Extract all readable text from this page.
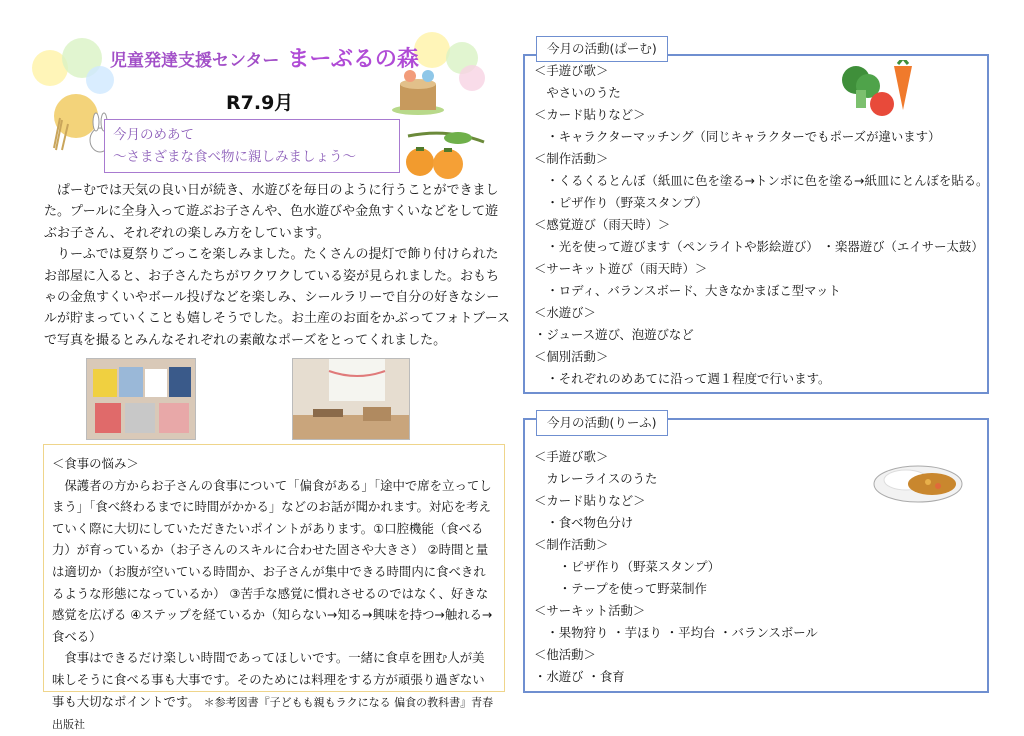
児童発達支援センター まーぶるの森
R7.9月
今月のめあて
～さまざまな食べ物に親しみましょう～

ぱーむでは天気の良い日が続き、水遊びを毎日のように行うことができました。プールに全身入って遊ぶお子さんや、色水遊びや金魚すくいなどをして遊ぶお子さん、それぞれの楽しみ方をしています。

りーふでは夏祭りごっこを楽しみました。たくさんの提灯で飾り付けられたお部屋に入ると、お子さんたちがワクワクしている姿が見られました。おもちゃの金魚すくいやボール投げなどを楽しみ、シールラリーで自分の好きなシールが貯まっていくことも嬉しそうでした。お土産のお面をかぶってフォトブースで写真を撮るとみんなそれぞれの素敵なポーズをとってくれました。

＜食事の悩み＞

保護者の方からお子さんの食事について「偏食がある」「途中で席を立ってしまう」「食べ終わるまでに時間がかかる」などのお話が聞かれます。対応を考えていく際に大切にしていただきたいポイントがあります。①口腔機能（食べる力）が育っているか（お子さんのスキルに合わせた固さや大きさ） ②時間と量は適切か（お腹が空いている時間か、お子さんが集中できる時間内に食べきれるような形態になっているか） ③苦手な感覚に慣れさせるのではなく、好きな感覚を広げる ④ステップを経ているか（知らない→知る→興味を持つ→触れる→食べる）

食事はできるだけ楽しい時間であってほしいです。一緒に食卓を囲む人が美味しそうに食べる事も大事です。そのためには料理をする方が頑張り過ぎない事も大切なポイントです。 ＊参考図書『子どもも親もラクになる 偏食の教科書』青春出版社

今月の活動(ぱーむ)
＜手遊び歌＞
　やさいのうた
＜カード貼りなど＞
　・キャラクターマッチング（同じキャラクターでもポーズが違います）
＜制作活動＞
　・くるくるとんぼ（紙皿に色を塗る→トンボに色を塗る→紙皿にとんぼを貼る。
　・ピザ作り（野菜スタンプ）
＜感覚遊び（雨天時）＞
　・光を使って遊びます（ペンライトや影絵遊び） ・楽器遊び（エイサー太鼓）
＜サーキット遊び（雨天時）＞
　・ロディ、バランスボード、大きなかまぼこ型マット
＜水遊び＞
・ジュース遊び、泡遊びなど
＜個別活動＞
　・それぞれのめあてに沿って週１程度で行います。
今月の活動(りーふ)
＜手遊び歌＞
　カレーライスのうた
＜カード貼りなど＞
　・食べ物色分け
＜制作活動＞
　　・ピザ作り（野菜スタンプ）
　　・テープを使って野菜制作
＜サーキット活動＞
　・果物狩り ・芋ほり ・平均台 ・バランスボール
＜他活動＞
・水遊び ・食育
